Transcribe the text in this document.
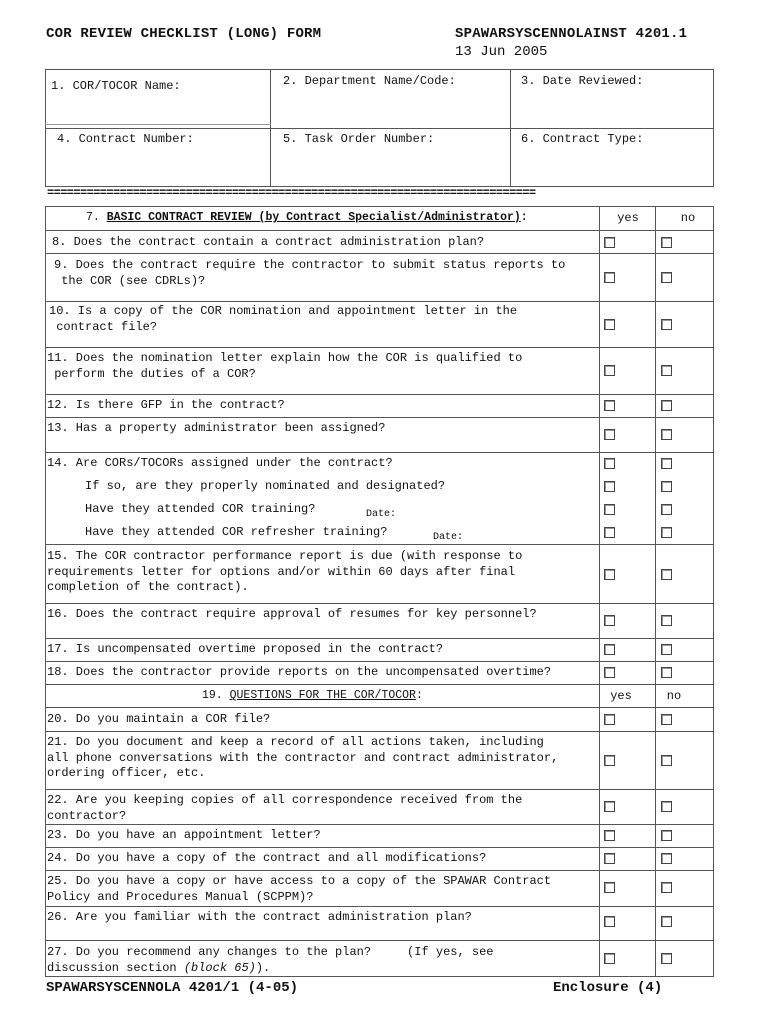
COR REVIEW CHECKLIST (LONG) FORM	SPAWARSYSCENNOLAINST 4201.1
13 Jun 2005
1. COR/TOCOR Name:	2. Department Name/Code:	3. Date Reviewed:
4. Contract Number:	5. Task Order Number:	6. Contract Type:
==========================================================================
7. BASIC CONTRACT REVIEW (by Contract Specialist/Administrator):	yes	no
8. Does the contract contain a contract administration plan?
9. Does the contract require the contractor to submit status reports to
the COR (see CDRLs)?
10. Is a copy of the COR nomination and appointment letter in the
contract file?
11. Does the nomination letter explain how the COR is qualified to
perform the duties of a COR?
12. Is there GFP in the contract?
13. Has a property administrator been assigned?
14. Are CORs/TOCORs assigned under the contract?
If so, are they properly nominated and designated?
Have they attended COR training?	Date:
Have they attended COR refresher training?	Date:
15. The COR contractor performance report is due (with response to
requirements letter for options and/or within 60 days after final
completion of the contract).
16. Does the contract require approval of resumes for key personnel?
17. Is uncompensated overtime proposed in the contract?
18. Does the contractor provide reports on the uncompensated overtime?
19. QUESTIONS FOR THE COR/TOCOR:	yes	no
20. Do you maintain a COR file?
21. Do you document and keep a record of all actions taken, including
all phone conversations with the contractor and contract administrator,
ordering officer, etc.
22. Are you keeping copies of all correspondence received from the
contractor?
23. Do you have an appointment letter?
24. Do you have a copy of the contract and all modifications?
25. Do you have a copy or have access to a copy of the SPAWAR Contract
Policy and Procedures Manual (SCPPM)?
26. Are you familiar with the contract administration plan?
27. Do you recommend any changes to the plan?     (If yes, see
discussion section (block 65)).
SPAWARSYSCENNOLA 4201/1 (4-05)	Enclosure (4)
